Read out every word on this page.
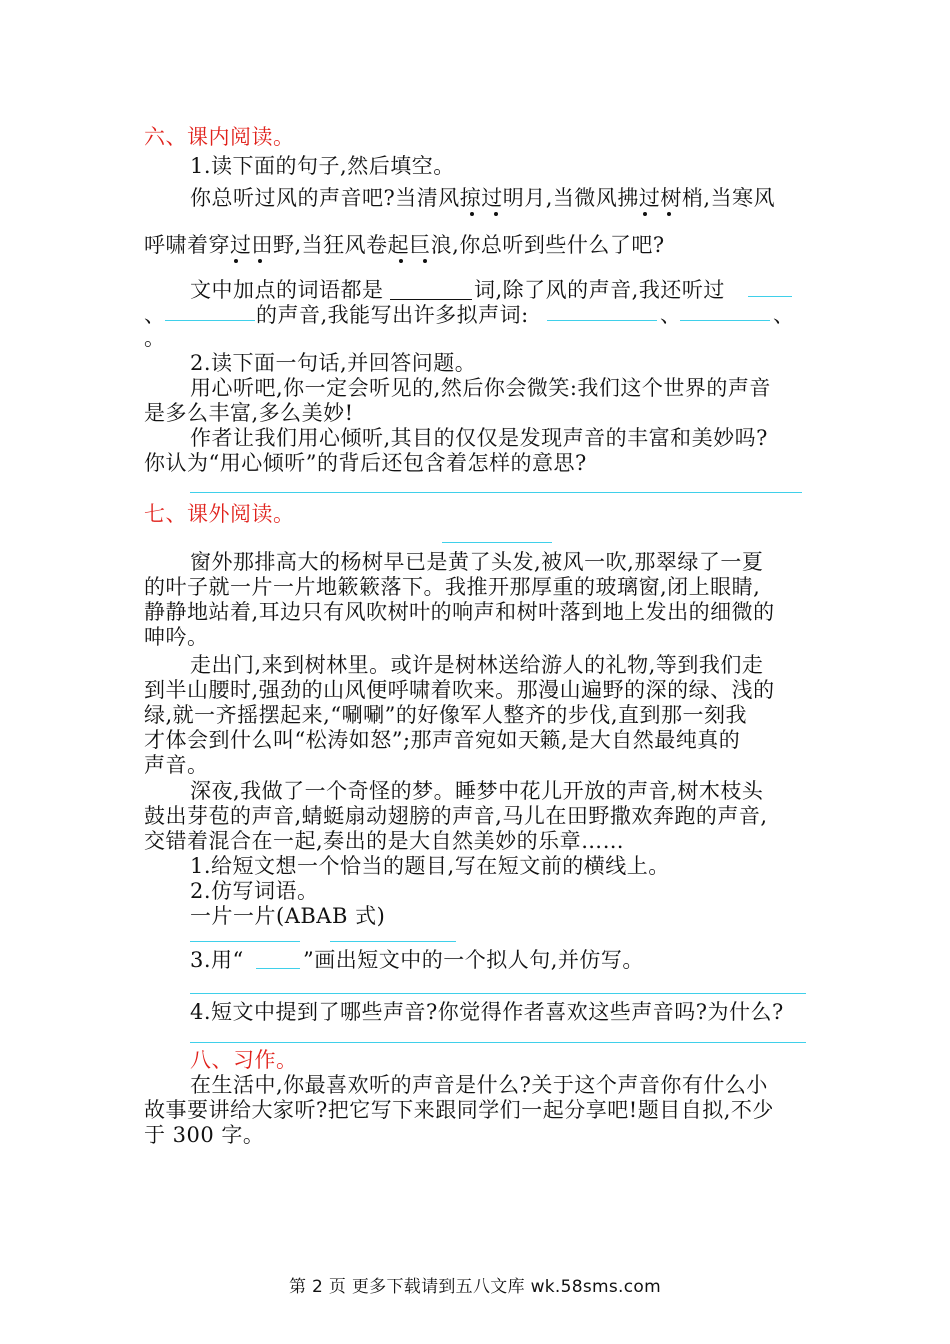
六、课内阅读。
1.读下面的句子,然后填空。
你总听过风的声音吧?当清风掠过明月,当微风拂过树梢,当寒风
呼啸着穿过田野,当狂风卷起巨浪,你总听到些什么了吧?
文中加点的词语都是	词,除了风的声音,我还听过
、	的声音,我能写出许多拟声词:	、	、
。
2.读下面一句话,并回答问题。
用心听吧,你一定会听见的,然后你会微笑:我们这个世界的声音
是多么丰富,多么美妙!
作者让我们用心倾听,其目的仅仅是发现声音的丰富和美妙吗?
你认为“用心倾听”的背后还包含着怎样的意思?
七、课外阅读。
窗外那排高大的杨树早已是黄了头发,被风一吹,那翠绿了一夏
的叶子就一片一片地簌簌落下。我推开那厚重的玻璃窗,闭上眼睛,
静静地站着,耳边只有风吹树叶的响声和树叶落到地上发出的细微的
呻吟。
走出门,来到树林里。或许是树林送给游人的礼物,等到我们走
到半山腰时,强劲的山风便呼啸着吹来。那漫山遍野的深的绿、浅的
绿,就一齐摇摆起来,“唰唰”的好像军人整齐的步伐,直到那一刻我
才体会到什么叫“松涛如怒”;那声音宛如天籁,是大自然最纯真的
声音。
深夜,我做了一个奇怪的梦。睡梦中花儿开放的声音,树木枝头
鼓出芽苞的声音,蜻蜓扇动翅膀的声音,马儿在田野撒欢奔跑的声音,
交错着混合在一起,奏出的是大自然美妙的乐章……
1.给短文想一个恰当的题目,写在短文前的横线上。
2.仿写词语。
一片一片(ABAB 式)
3.用“	”画出短文中的一个拟人句,并仿写。
4.短文中提到了哪些声音?你觉得作者喜欢这些声音吗?为什么?
八、习作。
在生活中,你最喜欢听的声音是什么?关于这个声音你有什么小
故事要讲给大家听?把它写下来跟同学们一起分享吧!题目自拟,不少
于 300 字。
第 2 页 更多下载请到五八文库 wk.58sms.com
